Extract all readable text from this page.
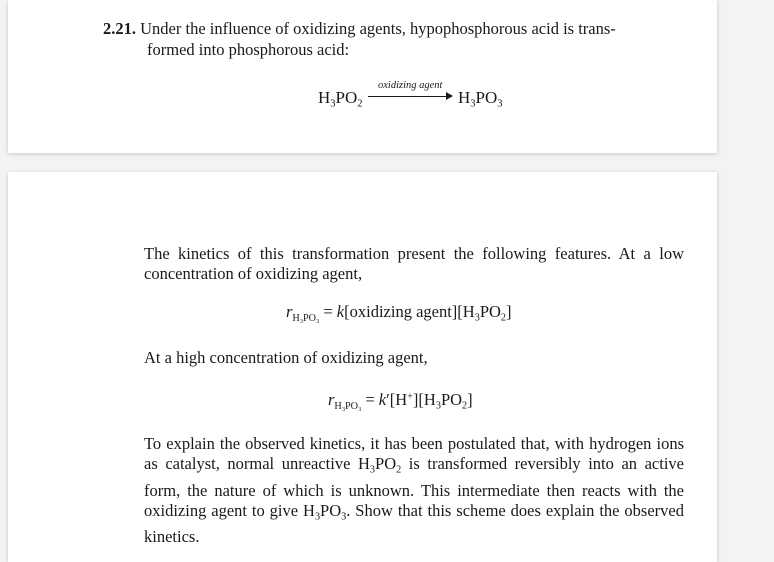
2.21. Under the influence of oxidizing agents, hypophosphorous acid is trans-
formed into phosphorous acid:
$H_3PO_2$
oxidizing agent
$H_3PO_3$
The kinetics of this transformation present the following features. At a low concentration of oxidizing agent,
$r_{H_3PO_3}$ = k[oxidizing $agent][H_3PO_2]$
At a high concentration of oxidizing agent,
$r_{H_3PO_3} = k'[H^+][H_3PO_2]$
To explain the observed kinetics, it has been postulated that, with hydrogen ions as catalyst, normal unreactive $H_3PO_2$ is transformed reversibly into an active form, the nature of which is unknown. This intermediate then reacts with the oxidizing agent to give $H_3PO_3$. Show that this scheme does explain the observed kinetics.
